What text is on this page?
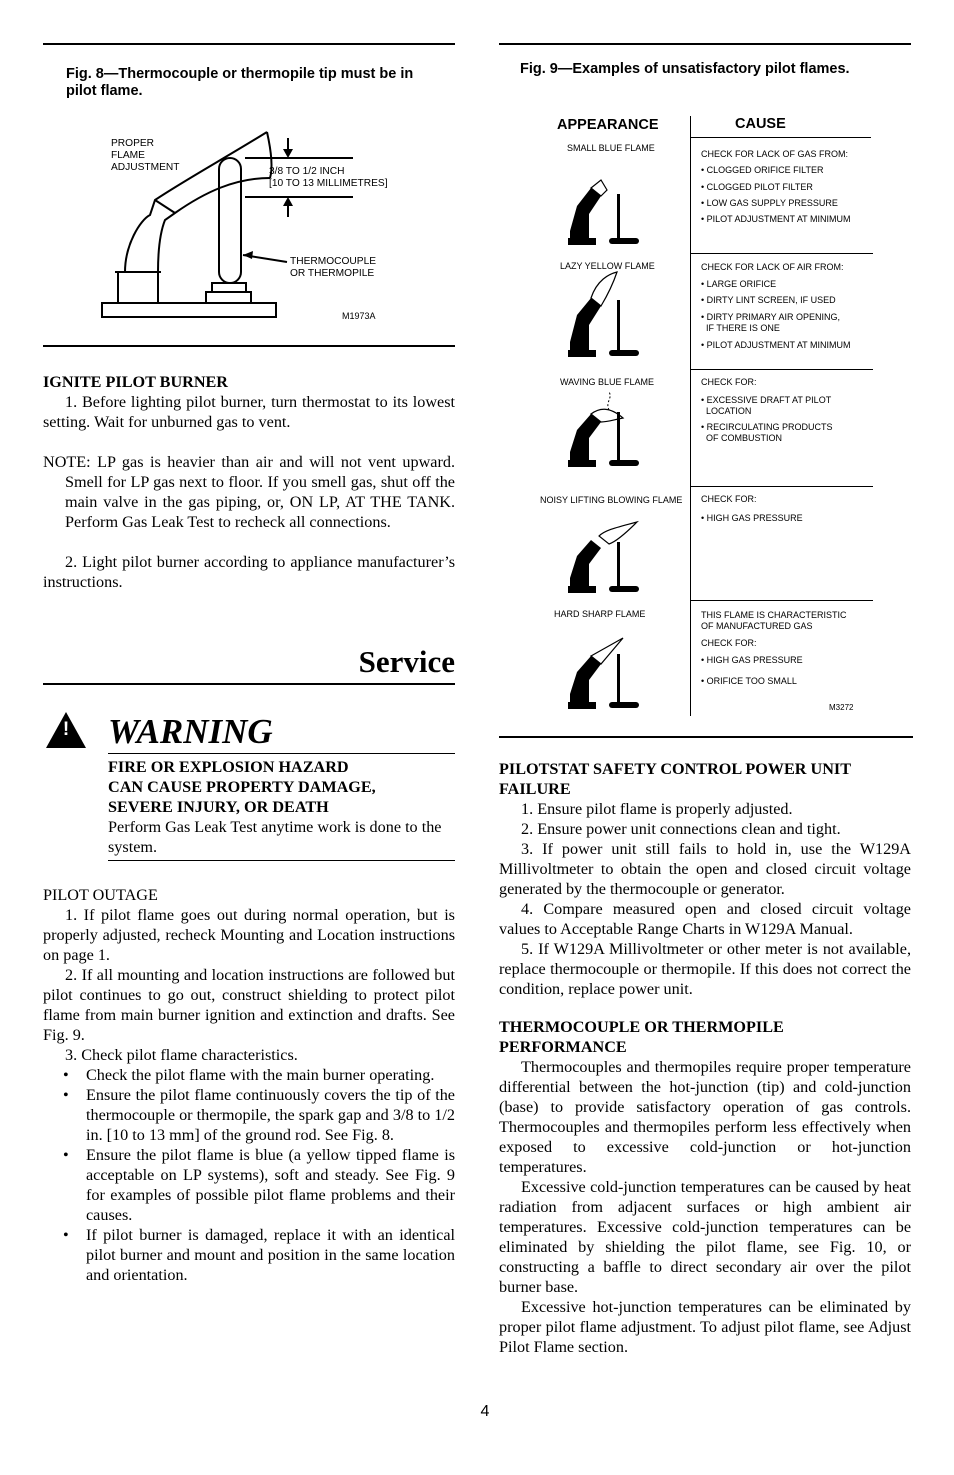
Fig. 8—Thermocouple or thermopile tip must be in pilot flame.
PROPER
FLAME
ADJUSTMENT	3/8 TO 1/2 INCH
[10 TO 13 MILLIMETRES]
THERMOCOUPLE
OR THERMOPILE
M1973A
IGNITE PILOT BURNER

1. Before lighting pilot burner, turn thermostat to its lowest setting. Wait for unburned gas to vent.

NOTE: LP gas is heavier than air and will not vent upward. Smell for LP gas next to floor. If you smell gas, shut off the main valve in the gas piping, or, ON LP, AT THE TANK. Perform Gas Leak Test to recheck all connections.

2. Light pilot burner according to appliance manufacturer’s instructions.

Service
! WARNING
FIRE OR EXPLOSION HAZARD
CAN CAUSE PROPERTY DAMAGE,
SEVERE INJURY, OR DEATH
Perform Gas Leak Test anytime work is done to the system.
PILOT OUTAGE

1. If pilot flame goes out during normal operation, but is properly adjusted, recheck Mounting and Location instructions on page 1.

2. If all mounting and location instructions are followed but pilot continues to go out, construct shielding to protect pilot flame from main burner ignition and extinction and drafts. See Fig. 9.

3. Check pilot flame characteristics.

• Check the pilot flame with the main burner operating.
• Ensure the pilot flame continuously covers the tip of the thermocouple or thermopile, the spark gap and 3/8 to 1/2 in. [10 to 13 mm] of the ground rod. See Fig. 8.
• Ensure the pilot flame is blue (a yellow tipped flame is acceptable on LP systems), soft and steady. See Fig. 9 for examples of possible pilot flame problems and their causes.
• If pilot burner is damaged, replace it with an identical pilot burner and mount and position in the same location and orientation.
Fig. 9—Examples of unsatisfactory pilot flames.
APPEARANCE	CAUSE
SMALL BLUE FLAME
CHECK FOR LACK OF GAS FROM:
• CLOGGED ORIFICE FILTER
• CLOGGED PILOT FILTER
• LOW GAS SUPPLY PRESSURE
• PILOT ADJUSTMENT AT MINIMUM
LAZY YELLOW FLAME	CHECK FOR LACK OF AIR FROM:
• LARGE ORIFICE
• DIRTY LINT SCREEN, IF USED
• DIRTY PRIMARY AIR OPENING,
IF THERE IS ONE
• PILOT ADJUSTMENT AT MINIMUM
WAVING BLUE FLAME	CHECK FOR:
• EXCESSIVE DRAFT AT PILOT
LOCATION
• RECIRCULATING PRODUCTS
OF COMBUSTION
NOISY LIFTING BLOWING FLAME CHECK FOR:
• HIGH GAS PRESSURE
HARD SHARP FLAME	THIS FLAME IS CHARACTERISTIC
OF MANUFACTURED GAS
CHECK FOR:
• HIGH GAS PRESSURE
• ORIFICE TOO SMALL
M3272
PILOTSTAT SAFETY CONTROL POWER UNIT
FAILURE

1. Ensure pilot flame is properly adjusted.

2. Ensure power unit connections clean and tight.

3. If power unit still fails to hold in, use the W129A Millivoltmeter to obtain the open and closed circuit voltage generated by the thermocouple or generator.

4. Compare measured open and closed circuit voltage values to Acceptable Range Charts in W129A Manual.

5. If W129A Millivoltmeter or other meter is not available, replace thermocouple or thermopile. If this does not correct the condition, replace power unit.

THERMOCOUPLE OR THERMOPILE
PERFORMANCE

Thermocouples and thermopiles require proper temperature differential between the hot-junction (tip) and cold-junction (base) to provide satisfactory operation of gas controls. Thermocouples and thermopiles perform less effectively when exposed to excessive cold-junction or hot-junction temperatures.

Excessive cold-junction temperatures can be caused by heat radiation from adjacent surfaces or high ambient air temperatures. Excessive cold-junction temperatures can be eliminated by shielding the pilot flame, see Fig. 10, or constructing a baffle to direct secondary air over the pilot burner base.

Excessive hot-junction temperatures can be eliminated by proper pilot flame adjustment. To adjust pilot flame, see Adjust Pilot Flame section.

4
